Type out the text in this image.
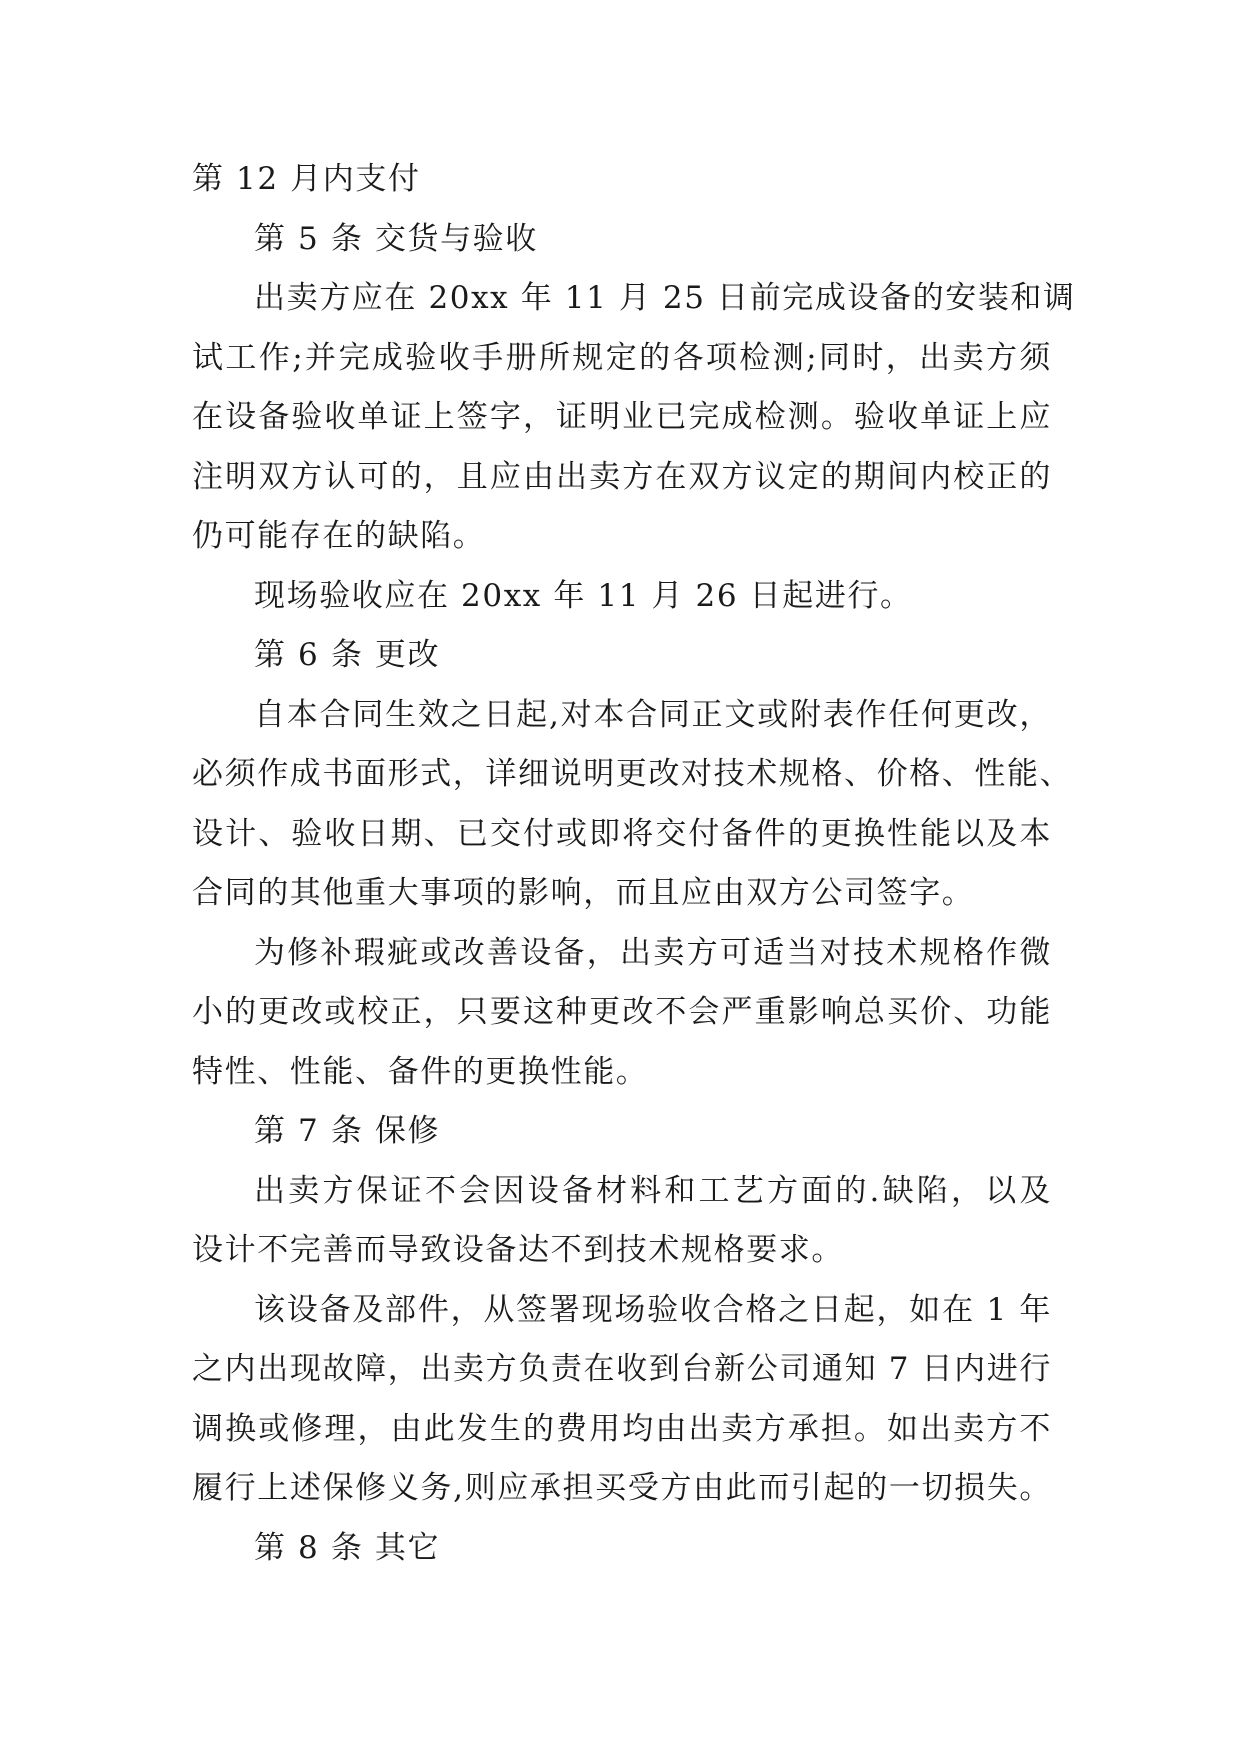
第 12 月内支付
第 5 条 交货与验收
出卖方应在 20xx 年 11 月 25 日前完成设备的安装和调
试工作;并完成验收手册所规定的各项检测;同时，出卖方须
在设备验收单证上签字，证明业已完成检测。验收单证上应
注明双方认可的，且应由出卖方在双方议定的期间内校正的
仍可能存在的缺陷。
现场验收应在 20xx 年 11 月 26 日起进行。
第 6 条 更改
自本合同生效之日起,对本合同正文或附表作任何更改，
必须作成书面形式，详细说明更改对技术规格、价格、性能、
设计、验收日期、已交付或即将交付备件的更换性能以及本
合同的其他重大事项的影响，而且应由双方公司签字。
为修补瑕疵或改善设备，出卖方可适当对技术规格作微
小的更改或校正，只要这种更改不会严重影响总买价、功能
特性、性能、备件的更换性能。
第 7 条 保修
出卖方保证不会因设备材料和工艺方面的.缺陷，以及
设计不完善而导致设备达不到技术规格要求。
该设备及部件，从签署现场验收合格之日起，如在 1 年
之内出现故障，出卖方负责在收到台新公司通知 7 日内进行
调换或修理，由此发生的费用均由出卖方承担。如出卖方不
履行上述保修义务,则应承担买受方由此而引起的一切损失。
第 8 条 其它
